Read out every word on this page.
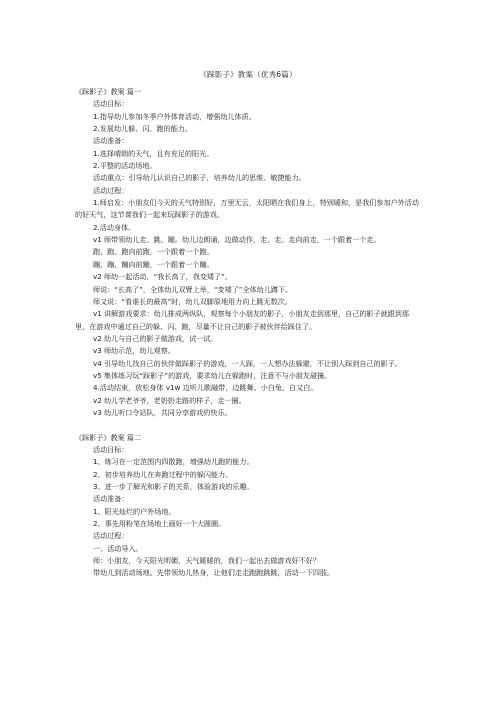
《踩影子》教案（优秀6篇）

《踩影子》教案 篇一

活动目标：

1.指导幼儿参加冬季户外体育活动，增强幼儿体质。

2.发展幼儿躲、闪、跑的能力。

活动准备：

1.选择晴朗的天气，且有充足的阳光。

2.平整的活动场地。

活动重点：引导幼儿认识自己的影子，培养幼儿的思维、敏捷能力。

活动过程：

1.师启发：小朋友们今天的天气特别好，万里无云，太阳晒在我们身上，特别暖和，是我们参加户外活动的好天气，这节课我们一起来玩踩影子的游戏。

2.活动身体。

v1 师带领幼儿走、跳、蹦。幼儿边朗诵，边做动作，走、走、走向前走，一个跟着一个走。

跑、跑、跑向前跑，一个跟着一个跑。

蹦、蹦、蹦向前蹦，一个跟着一个蹦。

v2 师幼一起活动，“我长高了，我变矮了”。

师说：“长高了”，全体幼儿双臂上举，“变矮了”全体幼儿蹲下。

师又说：“看谁长的最高”时，幼儿双脚原地用力向上跳无数次。

v1 讲解游戏要求：幼儿排成两纵队，观察每个小朋友的影子，小朋友走到那里，自己的影子就跟到那里，在游戏中通过自己的躲、闪、跑，尽量不让自己的影子被伙伴给踩住了。

v2 幼儿与自己的影子做游戏，试一试。

v3 师幼示范，幼儿观察。

v4 引导幼儿找自己的伙伴做踩影子的游戏，一人踩，一人想办法躲避，不让别人踩到自己的影子。

v5 集体练习玩“踩影子”的游戏，要求幼儿在躲跑时，注意不与小朋友碰撞。

4.活动结束，放松身体 v1w 边听儿歌融带，边跳舞。小白兔，白又白。

v2 幼儿学老爷爷，老奶奶走路的样子，走一圈。

v3 幼儿听口令站队，共同分享游戏的快乐。

《踩影子》教案 篇二

活动目标：

1、练习在一定范围内四散跑，增强幼儿跑的能力。

2、初步培养幼儿在奔跑过程中的躲闪能力。

3、进一步了解光和影子的关系，体验游戏的乐趣。

活动准备：

1、阳光灿烂的户外场地。

2、事先用粉笔在场地上画好一个大圆圈。

活动过程：

一、活动导入。

师：小朋友，今天阳光明媚，天气暖暖的，我们一起出去做游戏好不好？

带幼儿到活动场地。先带领幼儿热身，让他们走走跑跑跳跳，活动一下四肢。
